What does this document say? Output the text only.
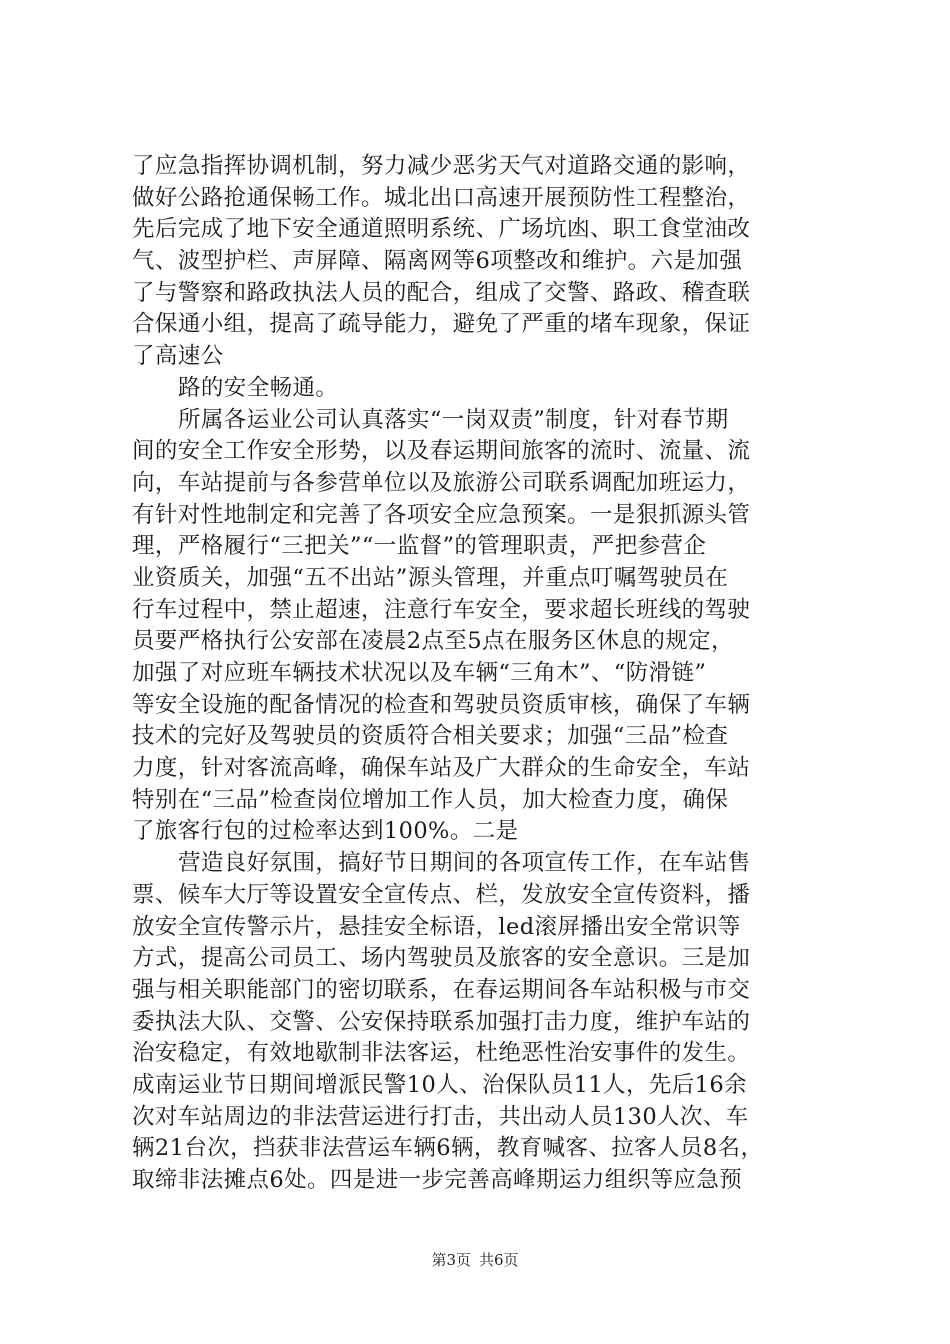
了应急指挥协调机制，努力减少恶劣天气对道路交通的影响，
做好公路抢通保畅工作。城北出口高速开展预防性工程整治，
先后完成了地下安全通道照明系统、广场坑凼、职工食堂油改
气、波型护栏、声屏障、隔离网等6项整改和维护。六是加强
了与警察和路政执法人员的配合，组成了交警、路政、稽查联
合保通小组，提高了疏导能力，避免了严重的堵车现象，保证
了高速公
路的安全畅通。
所属各运业公司认真落实“一岗双责”制度，针对春节期
间的安全工作安全形势，以及春运期间旅客的流时、流量、流
向，车站提前与各参营单位以及旅游公司联系调配加班运力，
有针对性地制定和完善了各项安全应急预案。一是狠抓源头管
理，严格履行“三把关”“一监督”的管理职责，严把参营企
业资质关，加强“五不出站”源头管理，并重点叮嘱驾驶员在
行车过程中，禁止超速，注意行车安全，要求超长班线的驾驶
员要严格执行公安部在凌晨2点至5点在服务区休息的规定，
加强了对应班车辆技术状况以及车辆“三角木”、“防滑链”
等安全设施的配备情况的检查和驾驶员资质审核，确保了车辆
技术的完好及驾驶员的资质符合相关要求；加强“三品”检查
力度，针对客流高峰，确保车站及广大群众的生命安全，车站
特别在“三品”检查岗位增加工作人员，加大检查力度，确保
了旅客行包的过检率达到100%。二是
营造良好氛围，搞好节日期间的各项宣传工作，在车站售
票、候车大厅等设置安全宣传点、栏，发放安全宣传资料，播
放安全宣传警示片，悬挂安全标语，led滚屏播出安全常识等
方式，提高公司员工、场内驾驶员及旅客的安全意识。三是加
强与相关职能部门的密切联系，在春运期间各车站积极与市交
委执法大队、交警、公安保持联系加强打击力度，维护车站的
治安稳定，有效地歇制非法客运，杜绝恶性治安事件的发生。
成南运业节日期间增派民警10人、治保队员11人，先后16余
次对车站周边的非法营运进行打击，共出动人员130人次、车
辆21台次，挡获非法营运车辆6辆，教育喊客、拉客人员8名，
取缔非法摊点6处。四是进一步完善高峰期运力组织等应急预
第3页 共6页
